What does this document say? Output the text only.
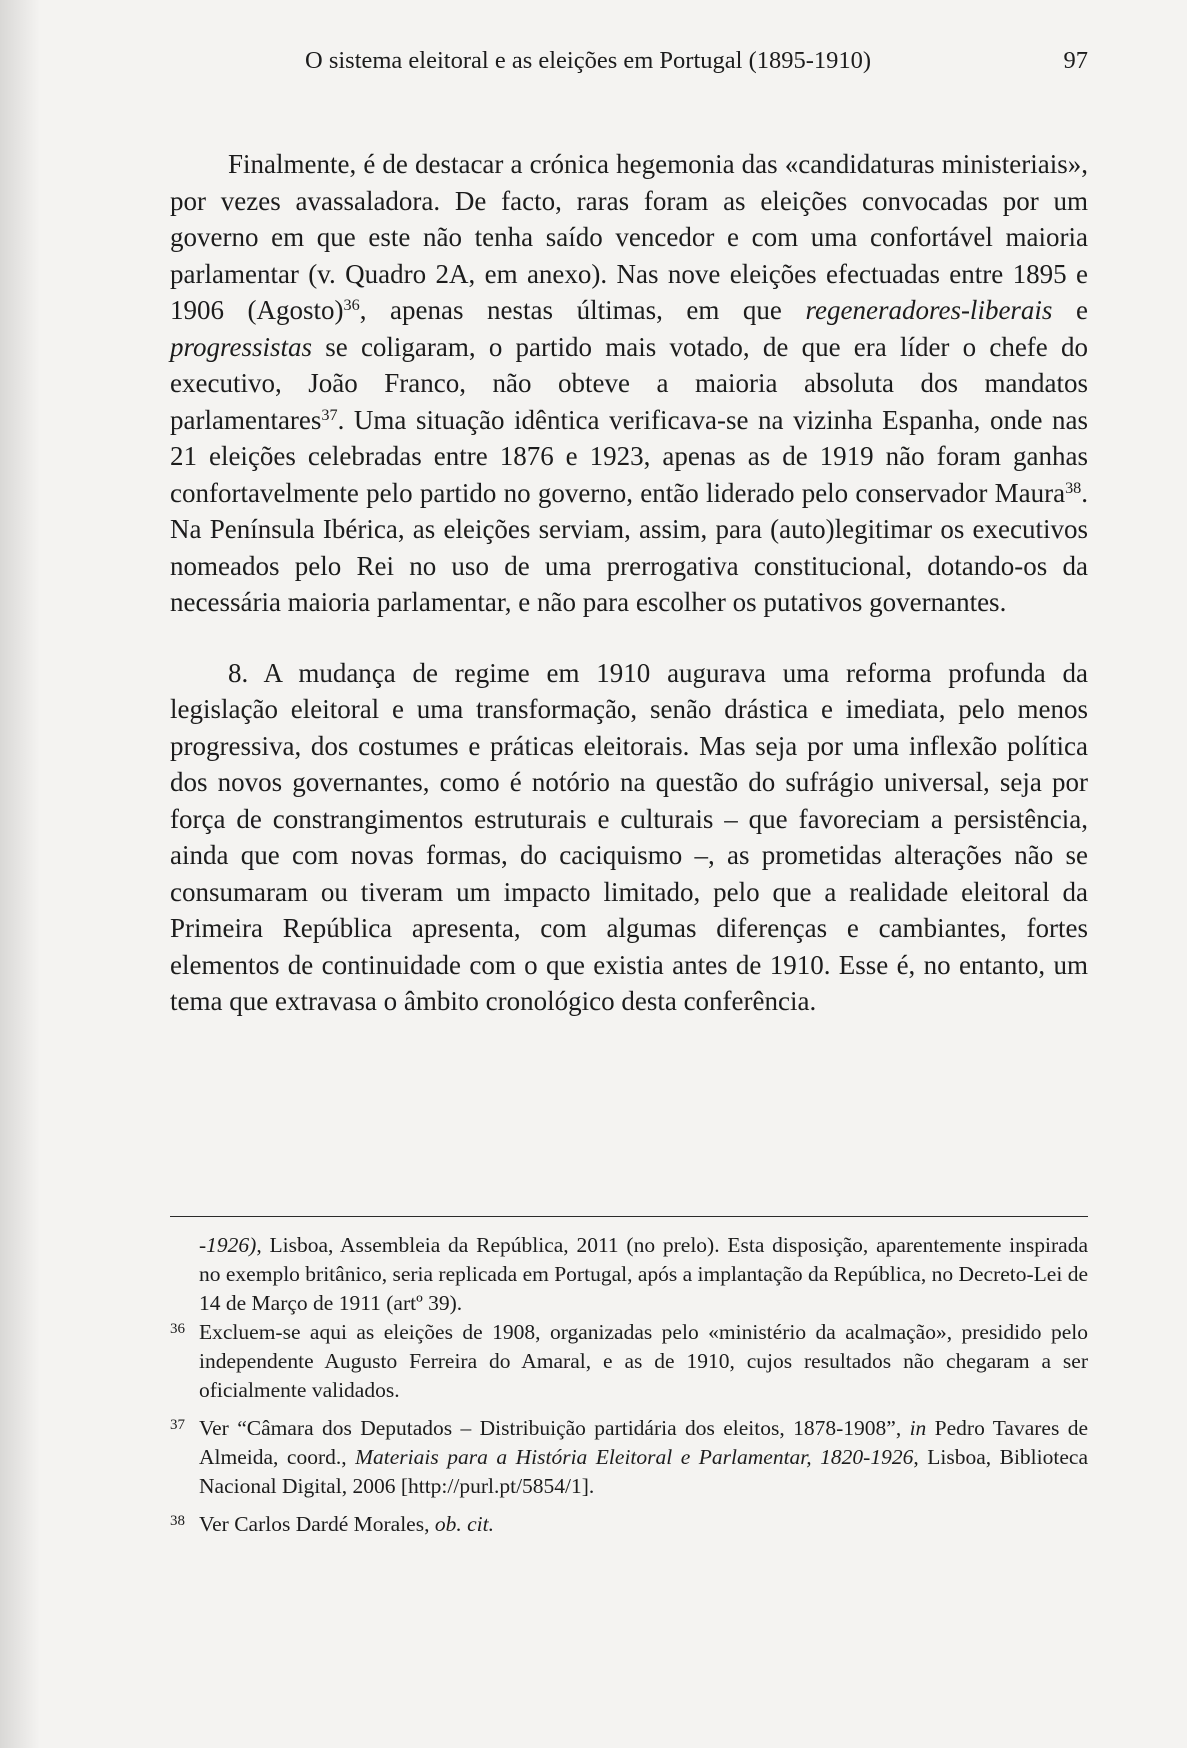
O sistema eleitoral e as eleições em Portugal (1895-1910)	97

Finalmente, é de destacar a crónica hegemonia das «candidaturas ministeriais», por vezes avassaladora. De facto, raras foram as eleições convocadas por um governo em que este não tenha saído vencedor e com uma confortável maioria parlamentar (v. Quadro 2A, em anexo). Nas nove eleições efectuadas entre 1895 e 1906 (Agosto)$^{36}$, apenas nestas últimas, em que regeneradores-liberais e progressistas se coligaram, o partido mais votado, de que era líder o chefe do executivo, João Franco, não obteve a maioria absoluta dos mandatos parlamentares$^{37}$. Uma situação idêntica verificava-se na vizinha Espanha, onde nas 21 eleições celebradas entre 1876 e 1923, apenas as de 1919 não foram ganhas confortavelmente pelo partido no governo, então liderado pelo conservador Maura$^{38}$. Na Península Ibérica, as eleições serviam, assim, para (auto)legitimar os executivos nomeados pelo Rei no uso de uma prerrogativa constitucional, dotando-os da necessária maioria parlamentar, e não para escolher os putativos governantes.

8. A mudança de regime em 1910 augurava uma reforma profunda da legislação eleitoral e uma transformação, senão drástica e imediata, pelo menos progressiva, dos costumes e práticas eleitorais. Mas seja por uma inflexão política dos novos governantes, como é notório na questão do sufrágio universal, seja por força de constrangimentos estruturais e culturais – que favoreciam a persistência, ainda que com novas formas, do caciquismo –, as prometidas alterações não se consumaram ou tiveram um impacto limitado, pelo que a realidade eleitoral da Primeira República apresenta, com algumas diferenças e cambiantes, fortes elementos de continuidade com o que existia antes de 1910. Esse é, no entanto, um tema que extravasa o âmbito cronológico desta conferência.

-1926), Lisboa, Assembleia da República, 2011 (no prelo). Esta disposição, aparentemente inspirada no exemplo britânico, seria replicada em Portugal, após a implantação da República, no Decreto-Lei de 14 de Março de 1911 (artº 39).
36 Excluem-se aqui as eleições de 1908, organizadas pelo «ministério da acalmação», presidido pelo independente Augusto Ferreira do Amaral, e as de 1910, cujos resultados não chegaram a ser oficialmente validados.
37 Ver “Câmara dos Deputados – Distribuição partidária dos eleitos, 1878-1908”, in Pedro Tavares de Almeida, coord., Materiais para a História Eleitoral e Parlamentar, 1820-1926, Lisboa, Biblioteca Nacional Digital, 2006 [http://purl.pt/5854/1].
38 Ver Carlos Dardé Morales, ob. cit.
